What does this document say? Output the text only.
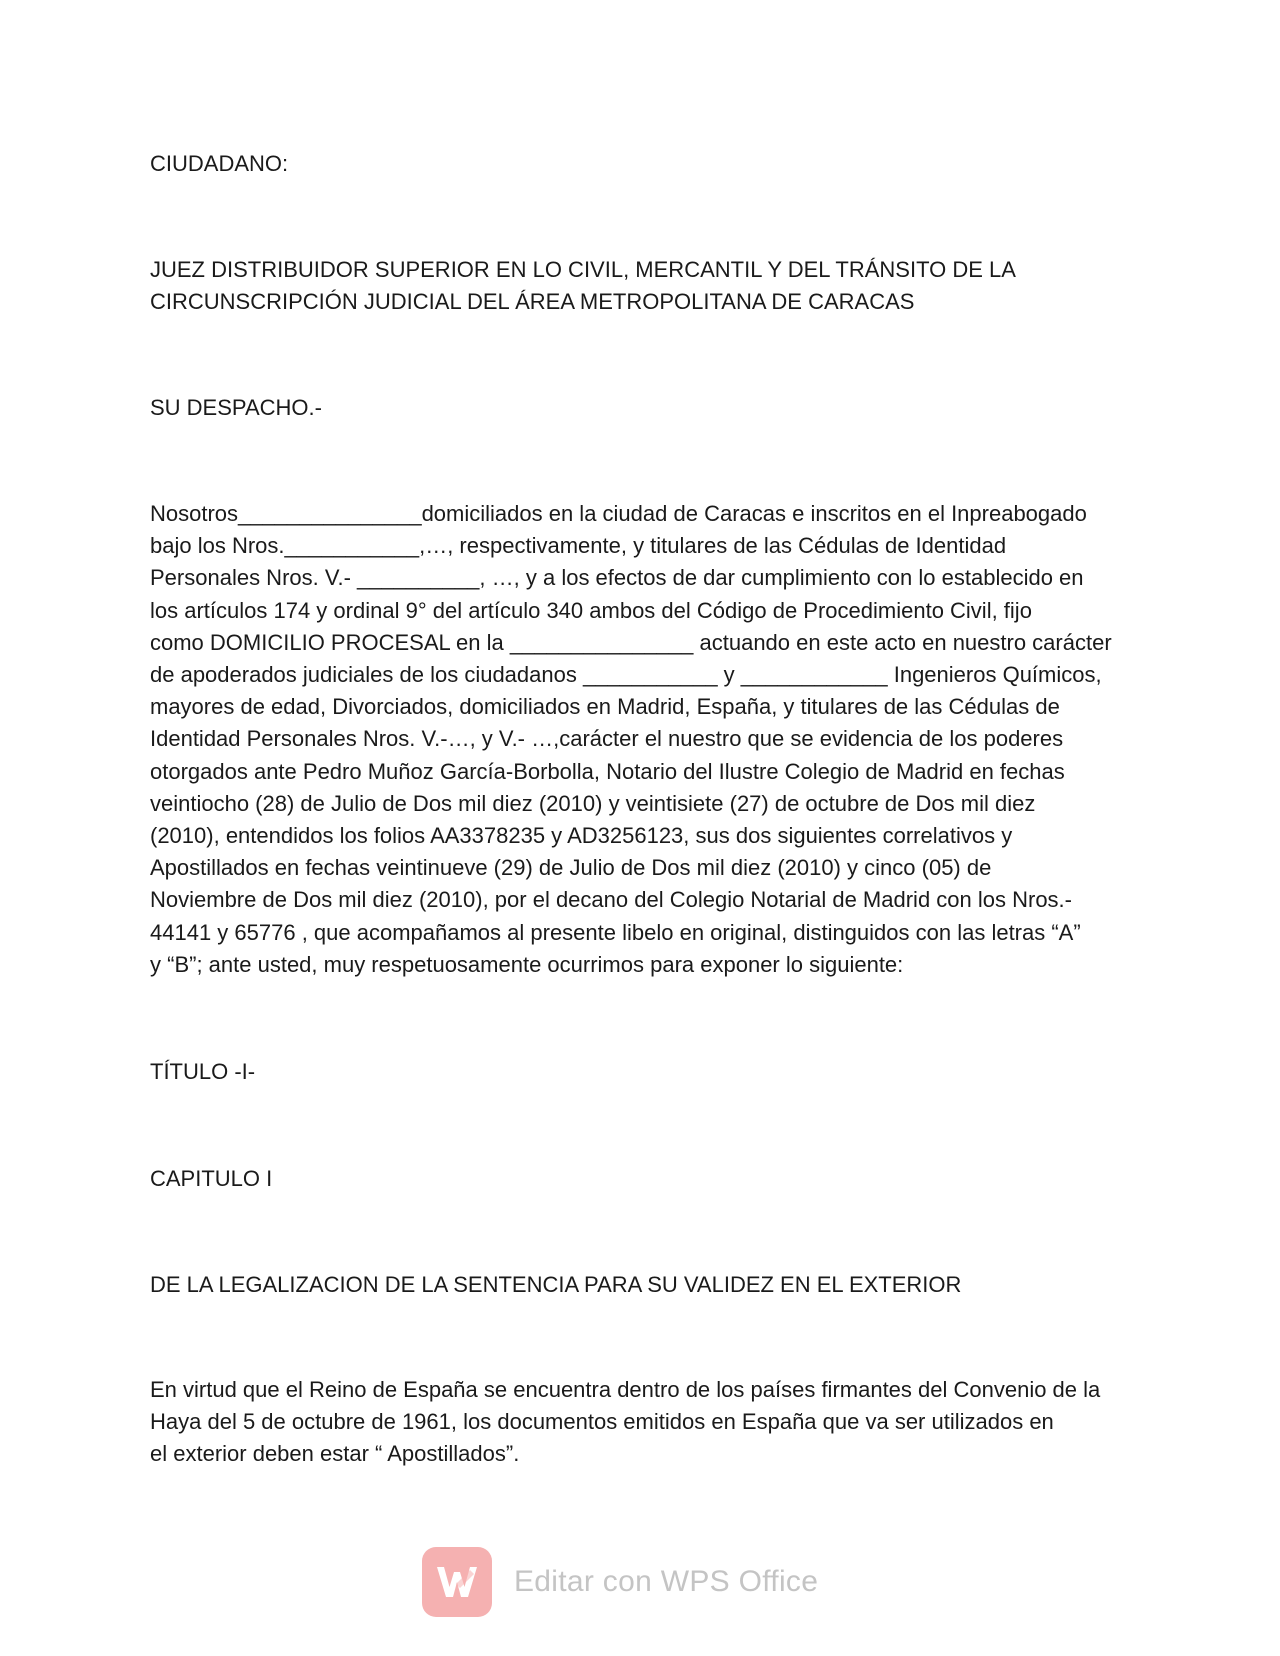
CIUDADANO:

JUEZ DISTRIBUIDOR SUPERIOR EN LO CIVIL, MERCANTIL Y DEL TRÁNSITO DE LA
CIRCUNSCRIPCIÓN JUDICIAL DEL ÁREA METROPOLITANA DE CARACAS

SU DESPACHO.-

Nosotros_______________domiciliados en la ciudad de Caracas e inscritos en el Inpreabogado
bajo los Nros.___________,…, respectivamente, y titulares de las Cédulas de Identidad
Personales Nros. V.- __________, …, y a los efectos de dar cumplimiento con lo establecido en
los artículos 174 y ordinal 9° del artículo 340 ambos del Código de Procedimiento Civil, fijo
como DOMICILIO PROCESAL en la _______________ actuando en este acto en nuestro carácter
de apoderados judiciales de los ciudadanos ___________ y ____________ Ingenieros Químicos,
mayores de edad, Divorciados, domiciliados en Madrid, España, y titulares de las Cédulas de
Identidad Personales Nros. V.-…, y V.- …,carácter el nuestro que se evidencia de los poderes
otorgados ante Pedro Muñoz García-Borbolla, Notario del Ilustre Colegio de Madrid en fechas
veintiocho (28) de Julio de Dos mil diez (2010) y veintisiete (27) de octubre de Dos mil diez
(2010), entendidos los folios AA3378235 y AD3256123, sus dos siguientes correlativos y
Apostillados en fechas veintinueve (29) de Julio de Dos mil diez (2010) y cinco (05) de
Noviembre de Dos mil diez (2010), por el decano del Colegio Notarial de Madrid con los Nros.-
44141 y 65776 , que acompañamos al presente libelo en original, distinguidos con las letras “A”
y “B”; ante usted, muy respetuosamente ocurrimos para exponer lo siguiente:

TÍTULO -I-

CAPITULO I

DE LA LEGALIZACION DE LA SENTENCIA PARA SU VALIDEZ EN EL EXTERIOR

En virtud que el Reino de España se encuentra dentro de los países firmantes del Convenio de la
Haya del 5 de octubre de 1961, los documentos emitidos en España que va ser utilizados en
el exterior deben estar “ Apostillados”.

Editar con WPS Office
